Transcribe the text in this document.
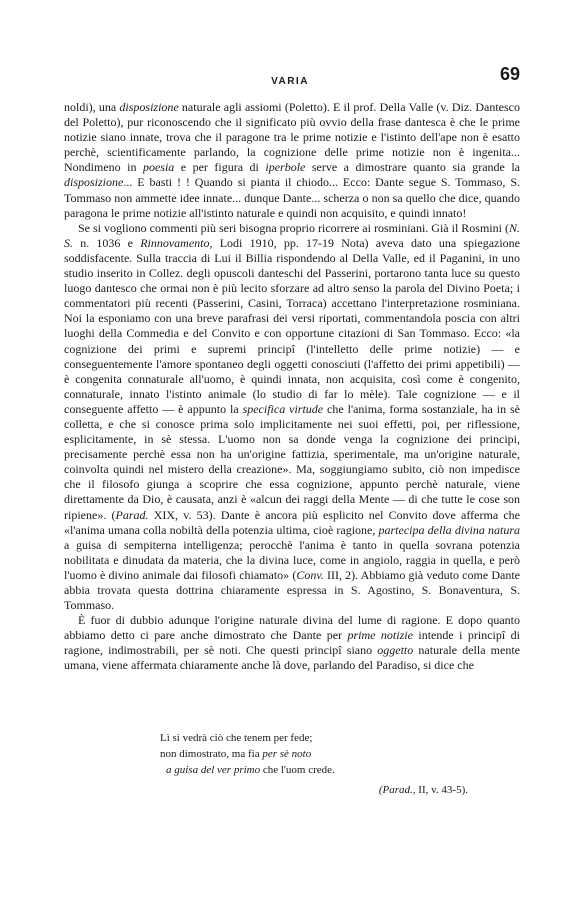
VARIA	69

noldi), una disposizione naturale agli assiomi (Poletto). E il prof. Della Valle (v. Diz. Dantesco del Poletto), pur riconoscendo che il significato più ovvio della frase dantesca è che le prime notizie siano innate, trova che il paragone tra le prime notizie e l'istinto dell'ape non è esatto perchè, scientificamente parlando, la cognizione delle prime notizie non è ingenita... Nondimeno in poesia e per figura di iperbole serve a dimostrare quanto sia grande la disposizione... E basti ! ! Quando si pianta il chiodo... Ecco: Dante segue S. Tommaso, S. Tommaso non ammette idee innate... dunque Dante... scherza o non sa quello che dice, quando paragona le prime notizie all'istinto naturale e quindi non acquisito, e quindi innato!

Se si vogliono commenti più seri bisogna proprio ricorrere ai rosminiani. Già il Rosmini (N. S. n. 1036 e Rinnovamento, Lodi 1910, pp. 17-19 Nota) aveva dato una spiegazione soddisfacente. Sulla traccia di Lui il Billia rispondendo al Della Valle, ed il Paganini, in uno studio inserito in Collez. degli opuscoli danteschi del Passerini, portarono tanta luce su questo luogo dantesco che ormai non è più lecito sforzare ad altro senso la parola del Divino Poeta; i commentatori più recenti (Passerini, Casini, Torraca) accettano l'interpretazione rosminiana. Noi la esponiamo con una breve parafrasi dei versi riportati, commentandola poscia con altri luoghi della Commedia e del Convito e con opportune citazioni di San Tommaso. Ecco: «la cognizione dei primi e supremi principî (l'intelletto delle prime notizie) — e conseguentemente l'amore spontaneo degli oggetti conosciuti (l'affetto dei primi appetibili) — è congenita connaturale all'uomo, è quindi innata, non acquisita, così come è congenito, connaturale, innato l'istinto animale (lo studio di far lo mèle). Tale cognizione — e il conseguente affetto — è appunto la specifica virtude che l'anima, forma sostanziale, ha in sè colletta, e che si conosce prima solo implicitamente nei suoi effetti, poi, per riflessione, esplicitamente, in sè stessa. L'uomo non sa donde venga la cognizione dei principi, precisamente perchè essa non ha un'origine fattizia, sperimentale, ma un'origine naturale, coinvolta quindi nel mistero della creazione». Ma, soggiungiamo subito, ciò non impedisce che il filosofo giunga a scoprire che essa cognizione, appunto perchè naturale, viene direttamente da Dio, è causata, anzi è «alcun dei raggi della Mente — di che tutte le cose son ripiene». (Parad. XIX, v. 53). Dante è ancora più esplicito nel Convito dove afferma che «l'anima umana colla nobiltà della potenzia ultima, cioè ragione, partecipa della divina natura a guisa di sempiterna intelligenza; perocchè l'anima è tanto in quella sovrana potenzia nobilitata e dinudata da materia, che la divina luce, come in angiolo, raggia in quella, e però l'uomo è divino animale dai filosofi chiamato» (Conv. III, 2). Abbiamo già veduto come Dante abbia trovata questa dottrina chiaramente espressa in S. Agostino, S. Bonaventura, S. Tommaso.

È fuor di dubbio adunque l'origine naturale divina del lume di ragione. E dopo quanto abbiamo detto ci pare anche dimostrato che Dante per prime notizie intende i principî di ragione, indimostrabili, per sè noti. Che questi principî siano oggetto naturale della mente umana, viene affermata chiaramente anche là dove, parlando del Paradiso, si dice che

Lì si vedrà ciò che tenem per fede;
non dimostrato, ma fia per sè noto
a guisa del ver primo che l'uom crede.
(Parad., II, v. 43-5).
